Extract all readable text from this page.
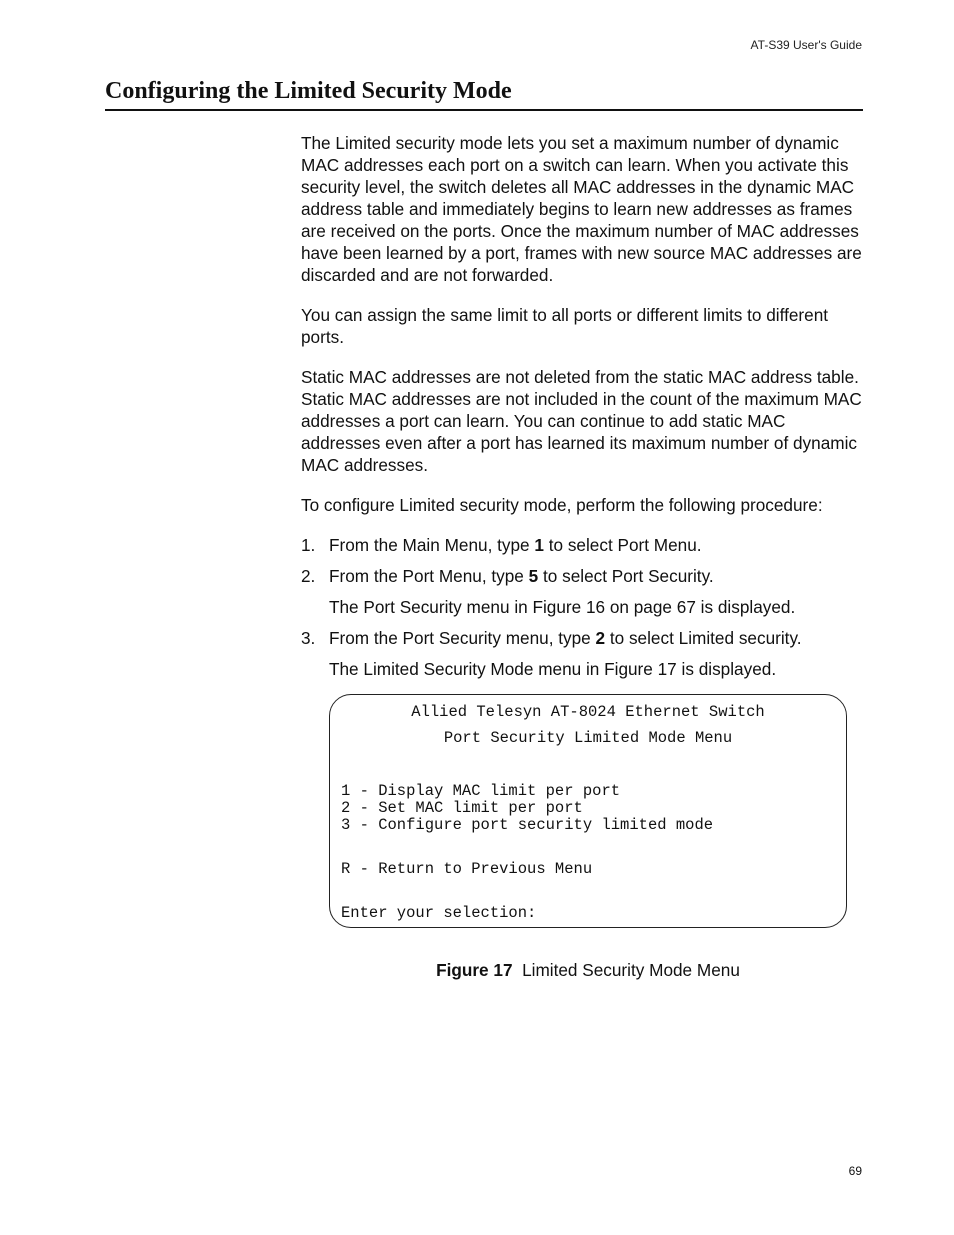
AT-S39 User's Guide
Configuring the Limited Security Mode

The Limited security mode lets you set a maximum number of dynamic MAC addresses each port on a switch can learn. When you activate this security level, the switch deletes all MAC addresses in the dynamic MAC address table and immediately begins to learn new addresses as frames are received on the ports. Once the maximum number of MAC addresses have been learned by a port, frames with new source MAC addresses are discarded and are not forwarded.

You can assign the same limit to all ports or different limits to different ports.

Static MAC addresses are not deleted from the static MAC address table. Static MAC addresses are not included in the count of the maximum MAC addresses a port can learn. You can continue to add static MAC addresses even after a port has learned its maximum number of dynamic MAC addresses.

To configure Limited security mode, perform the following procedure:

1. From the Main Menu, type 1 to select Port Menu.
2. From the Port Menu, type 5 to select Port Security.
The Port Security menu in Figure 16 on page 67 is displayed.
3. From the Port Security menu, type 2 to select Limited security.
The Limited Security Mode menu in Figure 17 is displayed.
Allied Telesyn AT-8024 Ethernet Switch
Port Security Limited Mode Menu
1 - Display MAC limit per port
2 - Set MAC limit per port
3 - Configure port security limited mode
R - Return to Previous Menu
Enter your selection:
Figure 17 Limited Security Mode Menu
69
